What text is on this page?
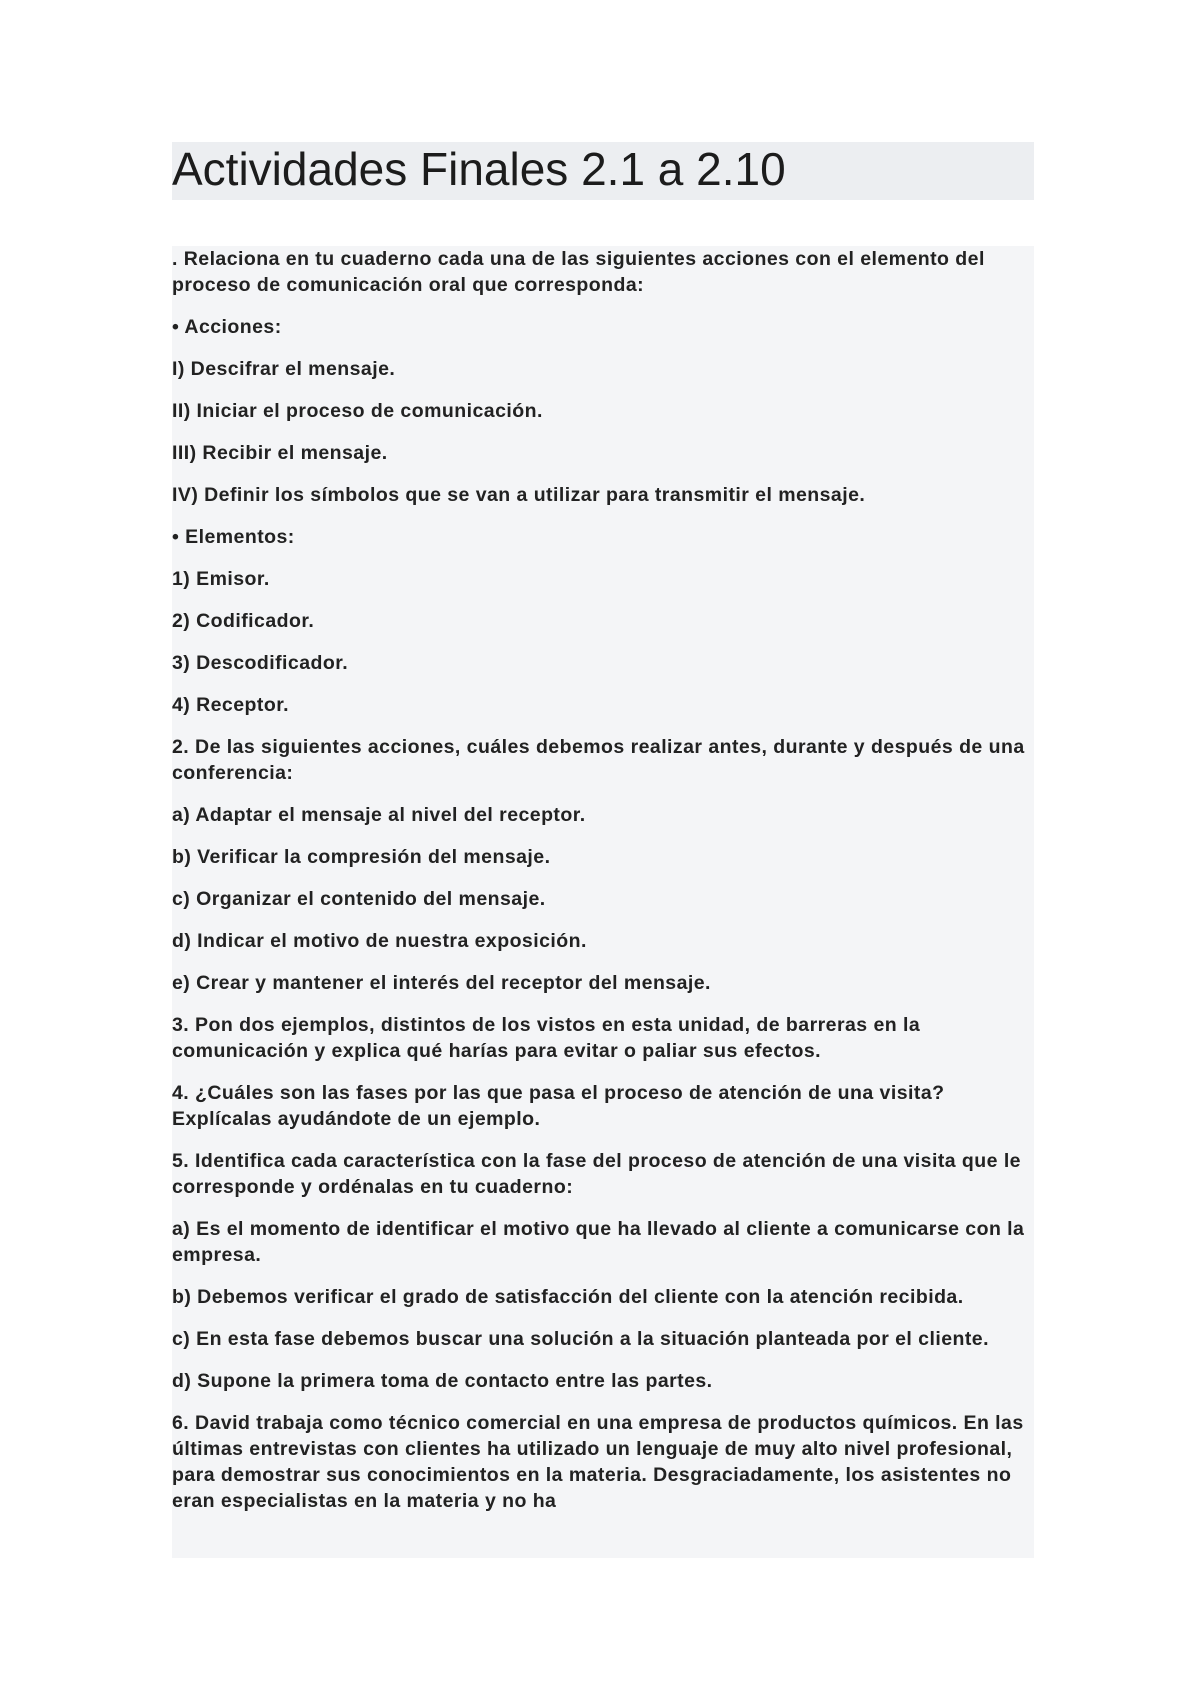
Actividades Finales 2.1 a 2.10

. Relaciona en tu cuaderno cada una de las siguientes acciones con el elemento del proceso de comunicación oral que corresponda:

• Acciones:

I) Descifrar el mensaje.

II) Iniciar el proceso de comunicación.

III) Recibir el mensaje.

IV) Definir los símbolos que se van a utilizar para transmitir el mensaje.

• Elementos:

1) Emisor.

2) Codificador.

3) Descodificador.

4) Receptor.

2. De las siguientes acciones, cuáles debemos realizar antes, durante y después de una conferencia:

a) Adaptar el mensaje al nivel del receptor.

b) Verificar la compresión del mensaje.

c) Organizar el contenido del mensaje.

d) Indicar el motivo de nuestra exposición.

e) Crear y mantener el interés del receptor del mensaje.

3. Pon dos ejemplos, distintos de los vistos en esta unidad, de barreras en la comunicación y explica qué harías para evitar o paliar sus efectos.

4. ¿Cuáles son las fases por las que pasa el proceso de atención de una visita? Explícalas ayudándote de un ejemplo.

5. Identifica cada característica con la fase del proceso de atención de una visita que le corresponde y ordénalas en tu cuaderno:

a) Es el momento de identificar el motivo que ha llevado al cliente a comunicarse con la empresa.

b) Debemos verificar el grado de satisfacción del cliente con la atención recibida.

c) En esta fase debemos buscar una solución a la situación planteada por el cliente.

d) Supone la primera toma de contacto entre las partes.

6. David trabaja como técnico comercial en una empresa de productos químicos. En las últimas entrevistas con clientes ha utilizado un lenguaje de muy alto nivel profesional, para demostrar sus conocimientos en la materia. Desgraciadamente, los asistentes no eran especialistas en la materia y no ha
